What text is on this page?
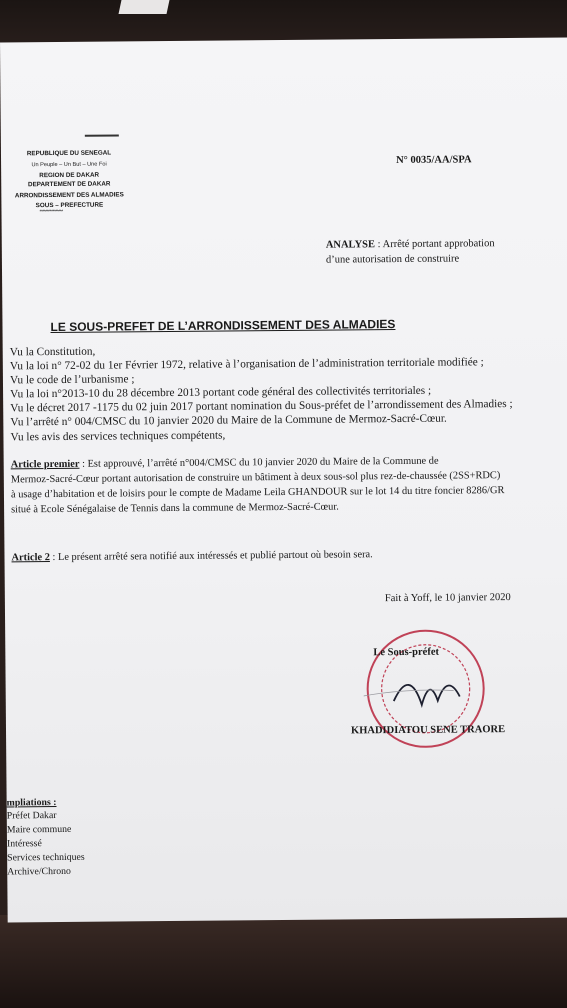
REPUBLIQUE DU SENEGAL
Un Peuple – Un But – Une Foi
REGION DE DAKAR
DEPARTEMENT DE DAKAR
ARRONDISSEMENT DES ALMADIES
SOUS – PREFECTURE
****************
N° 0035/AA/SPA
ANALYSE : Arrêté portant approbation
d’une autorisation de construire
LE SOUS-PREFET DE L’ARRONDISSEMENT DES ALMADIES
Vu la Constitution,
Vu la loi n° 72-02 du 1er Février 1972, relative à l’organisation de l’administration territoriale modifiée ;
Vu le code de l’urbanisme ;
Vu la loi n°2013-10 du 28 décembre 2013 portant code général des collectivités territoriales ;
Vu le décret 2017 -1175 du 02 juin 2017 portant nomination du Sous-préfet de l’arrondissement des Almadies ;
Vu l’arrêté n° 004/CMSC du 10 janvier 2020 du Maire de la Commune de Mermoz-Sacré-Cœur.
Vu les avis des services techniques compétents,
Article premier : Est approuvé, l’arrêté n°004/CMSC du 10 janvier 2020 du Maire de la Commune de
Mermoz-Sacré-Cœur portant autorisation de construire un bâtiment à deux sous-sol plus rez-de-chaussée (2SS+RDC)
à usage d’habitation et de loisirs pour le compte de Madame Leila GHANDOUR sur le lot 14 du titre foncier 8286/GR
situé à Ecole Sénégalaise de Tennis dans la commune de Mermoz-Sacré-Cœur.
Article 2 : Le présent arrêté sera notifié aux intéressés et publié partout où besoin sera.
Fait à Yoff, le 10 janvier 2020
Le Sous-préfet
KHADIDIATOU SENE TRAORE
mpliations :
Préfet Dakar
Maire commune
Intéressé
Services techniques
Archive/Chrono
